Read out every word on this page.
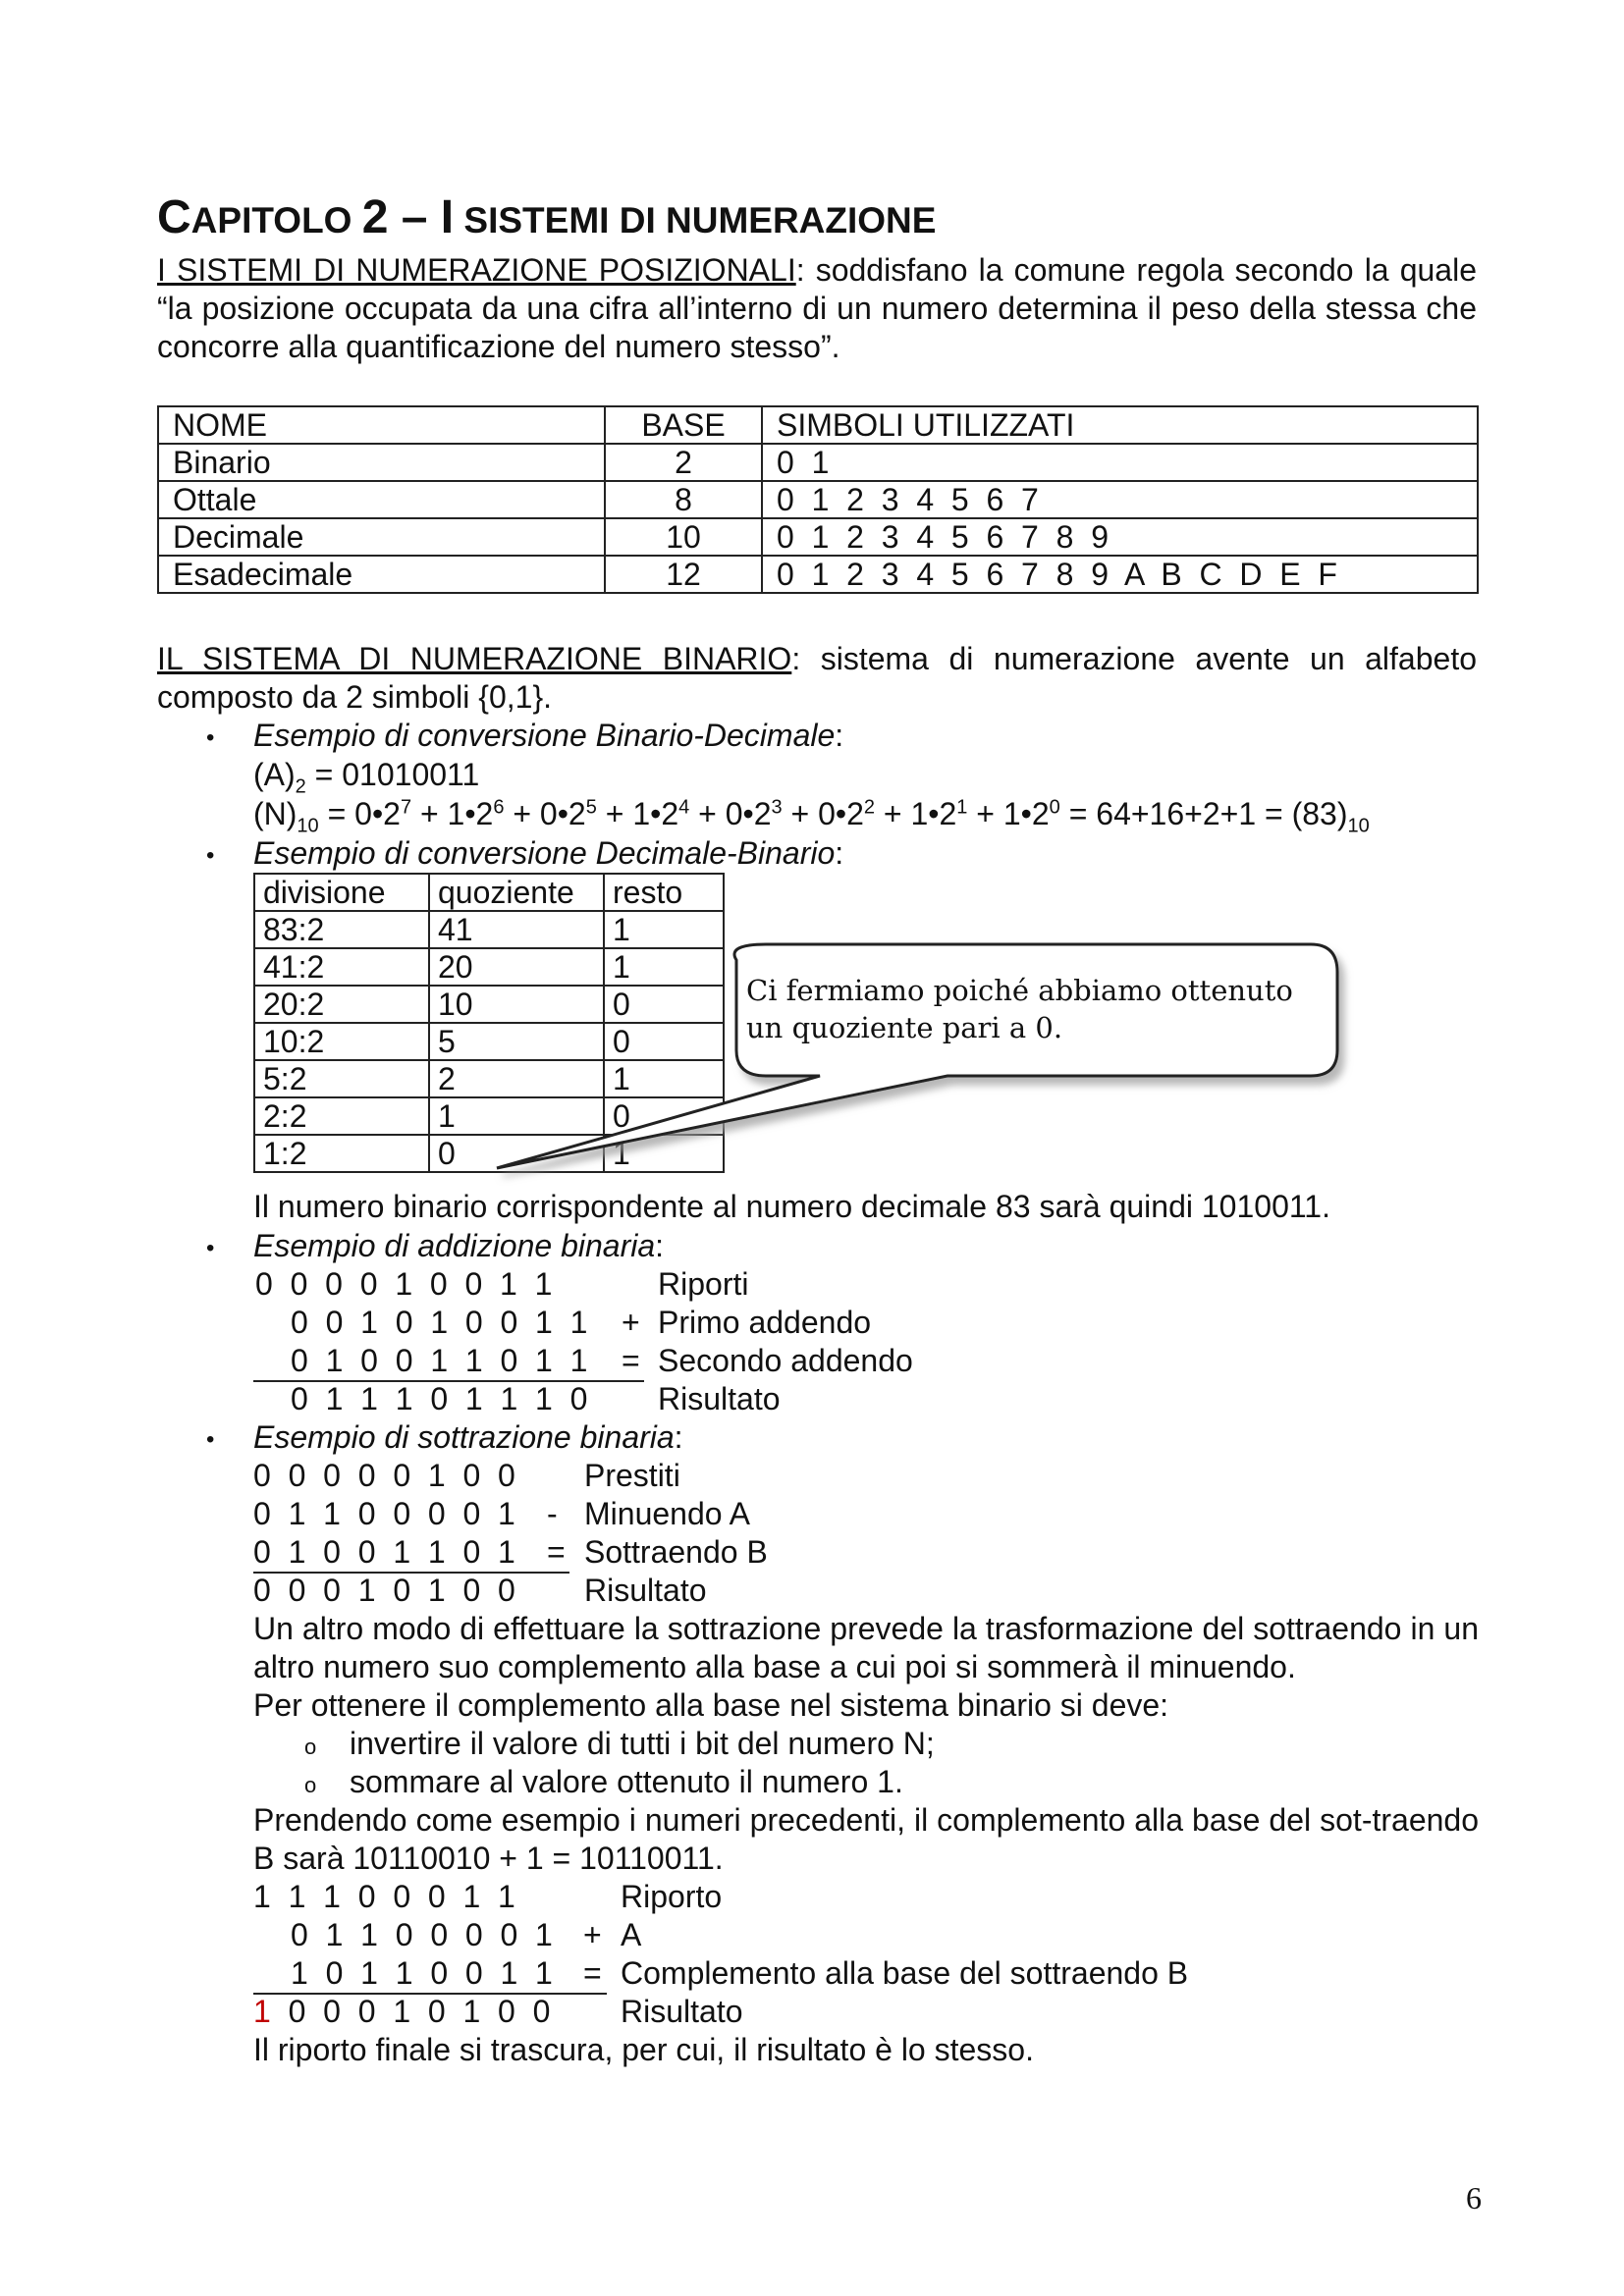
CAPITOLO 2 – I SISTEMI DI NUMERAZIONE
I SISTEMI DI NUMERAZIONE POSIZIONALI: soddisfano la comune regola secondo la quale “la posizione occupata da una cifra all’interno di un numero determina il peso della stessa che concorre alla quantificazione del numero stesso”.
NOME	BASE	SIMBOLI UTILIZZATI
Binario	2	0  1
Ottale	8	0  1  2  3  4  5  6  7
Decimale	10	0  1  2  3  4  5  6  7  8  9
Esadecimale	12	0  1  2  3  4  5  6  7  8  9  A  B  C  D  E  F
IL SISTEMA DI NUMERAZIONE BINARIO: sistema di numerazione avente un alfabeto composto da 2 simboli {0,1}.
• Esempio di conversione Binario-Decimale:
$(A)_2 = 01010011$
$(N)_{10}$ = $0•2^7$ + $1•2^6$ + $0•2^5$ + $1•2^4$ + $0•2^3$ + $0•2^2$ + $1•2^1$ + $1•2^0 = 64+16+2+1 = (83)_{10}$
• Esempio di conversione Decimale-Binario:
divisione	quoziente	resto
83:2	41	1
41:2	20	1
20:2	10	0
10:2	5	0
5:2	2	1
2:2	1	0
1:2	0	1
Ci fermiamo poiché abbiamo ottenuto
un quoziente pari a 0.
Il numero binario corrispondente al numero decimale 83 sarà quindi 1010011.
• Esempio di addizione binaria:
0  0  0  0  1  0  0  1  1	Riporti
0  0  1  0  1  0  0  1  1 + Primo addendo
0  1  0  0  1  1  0  1  1 = Secondo addendo
0  1  1  1  0  1  1  1  0 Risultato
• Esempio di sottrazione binaria:
0  0  0  0  0  1  0  0 Prestiti
0  1  1  0  0  0  0  1 - Minuendo A
0  1  0  0  1  1  0  1 = Sottraendo B
0  0  0  1  0  1  0  0 Risultato
Un altro modo di effettuare la sottrazione prevede la trasformazione del sottraendo in un altro numero suo complemento alla base a cui poi si sommerà il minuendo.
Per ottenere il complemento alla base nel sistema binario si deve:
o invertire il valore di tutti i bit del numero N;
o sommare al valore ottenuto il numero 1.
Prendendo come esempio i numeri precedenti, il complemento alla base del sot-traendo B sarà 10110010 + 1 = 10110011.
1  1  1  0  0  0  1  1	Riporto
0  1  1  0  0  0  0  1 + A
1  0  1  1  0  0  1  1 = Complemento alla base del sottraendo B
1  0  0  0  1  0  1  0  0 Risultato
Il riporto finale si trascura, per cui, il risultato è lo stesso.
6
